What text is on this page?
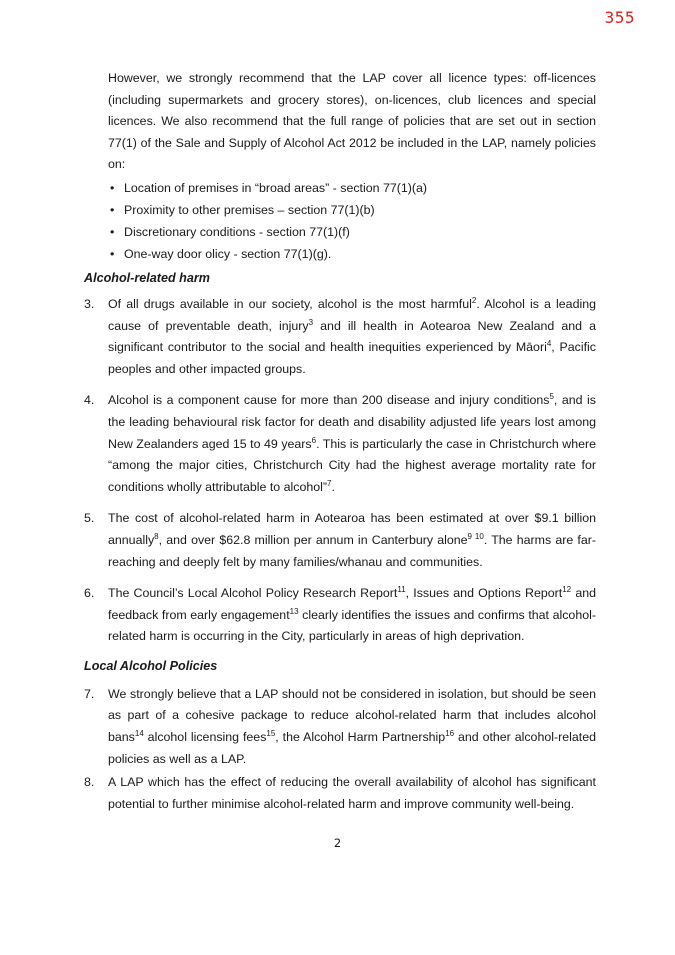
355

However, we strongly recommend that the LAP cover all licence types: off-licences (including supermarkets and grocery stores), on-licences, club licences and special licences. We also recommend that the full range of policies that are set out in section 77(1) of the Sale and Supply of Alcohol Act 2012 be included in the LAP, namely policies on:

• Location of premises in “broad areas” - section 77(1)(a)
• Proximity to other premises – section 77(1)(b)
• Discretionary conditions - section 77(1)(f)
• One-way door olicy - section 77(1)(g).

Alcohol-related harm

3. Of all drugs available in our society, alcohol is the most harmful$^2$. Alcohol is a leading cause of preventable death, injury$^3$ and ill health in Aotearoa New Zealand and a significant contributor to the social and health inequities experienced by Māori$^4$, Pacific peoples and other impacted groups.

4. Alcohol is a component cause for more than 200 disease and injury conditions$^5$, and is the leading behavioural risk factor for death and disability adjusted life years lost among New Zealanders aged 15 to 49 years$^6$. This is particularly the case in Christchurch where “among the major cities, Christchurch City had the highest average mortality rate for conditions wholly attributable to alcohol”$^7$.

5. The cost of alcohol-related harm in Aotearoa has been estimated at over $9.1 billion annually$^8$, and over $62.8 million per annum in Canterbury alone$^{9 10}$. The harms are far-reaching and deeply felt by many families/whanau and communities.

6. The Council’s Local Alcohol Policy Research Report$^{11}$, Issues and Options Report$^{12}$ and feedback from early engagement$^{13}$ clearly identifies the issues and confirms that alcohol-related harm is occurring in the City, particularly in areas of high deprivation.

Local Alcohol Policies

7. We strongly believe that a LAP should not be considered in isolation, but should be seen as part of a cohesive package to reduce alcohol-related harm that includes alcohol bans$^{14}$ alcohol licensing fees$^{15}$, the Alcohol Harm Partnership$^{16}$ and other alcohol-related policies as well as a LAP.

8. A LAP which has the effect of reducing the overall availability of alcohol has significant potential to further minimise alcohol-related harm and improve community well-being.

2
